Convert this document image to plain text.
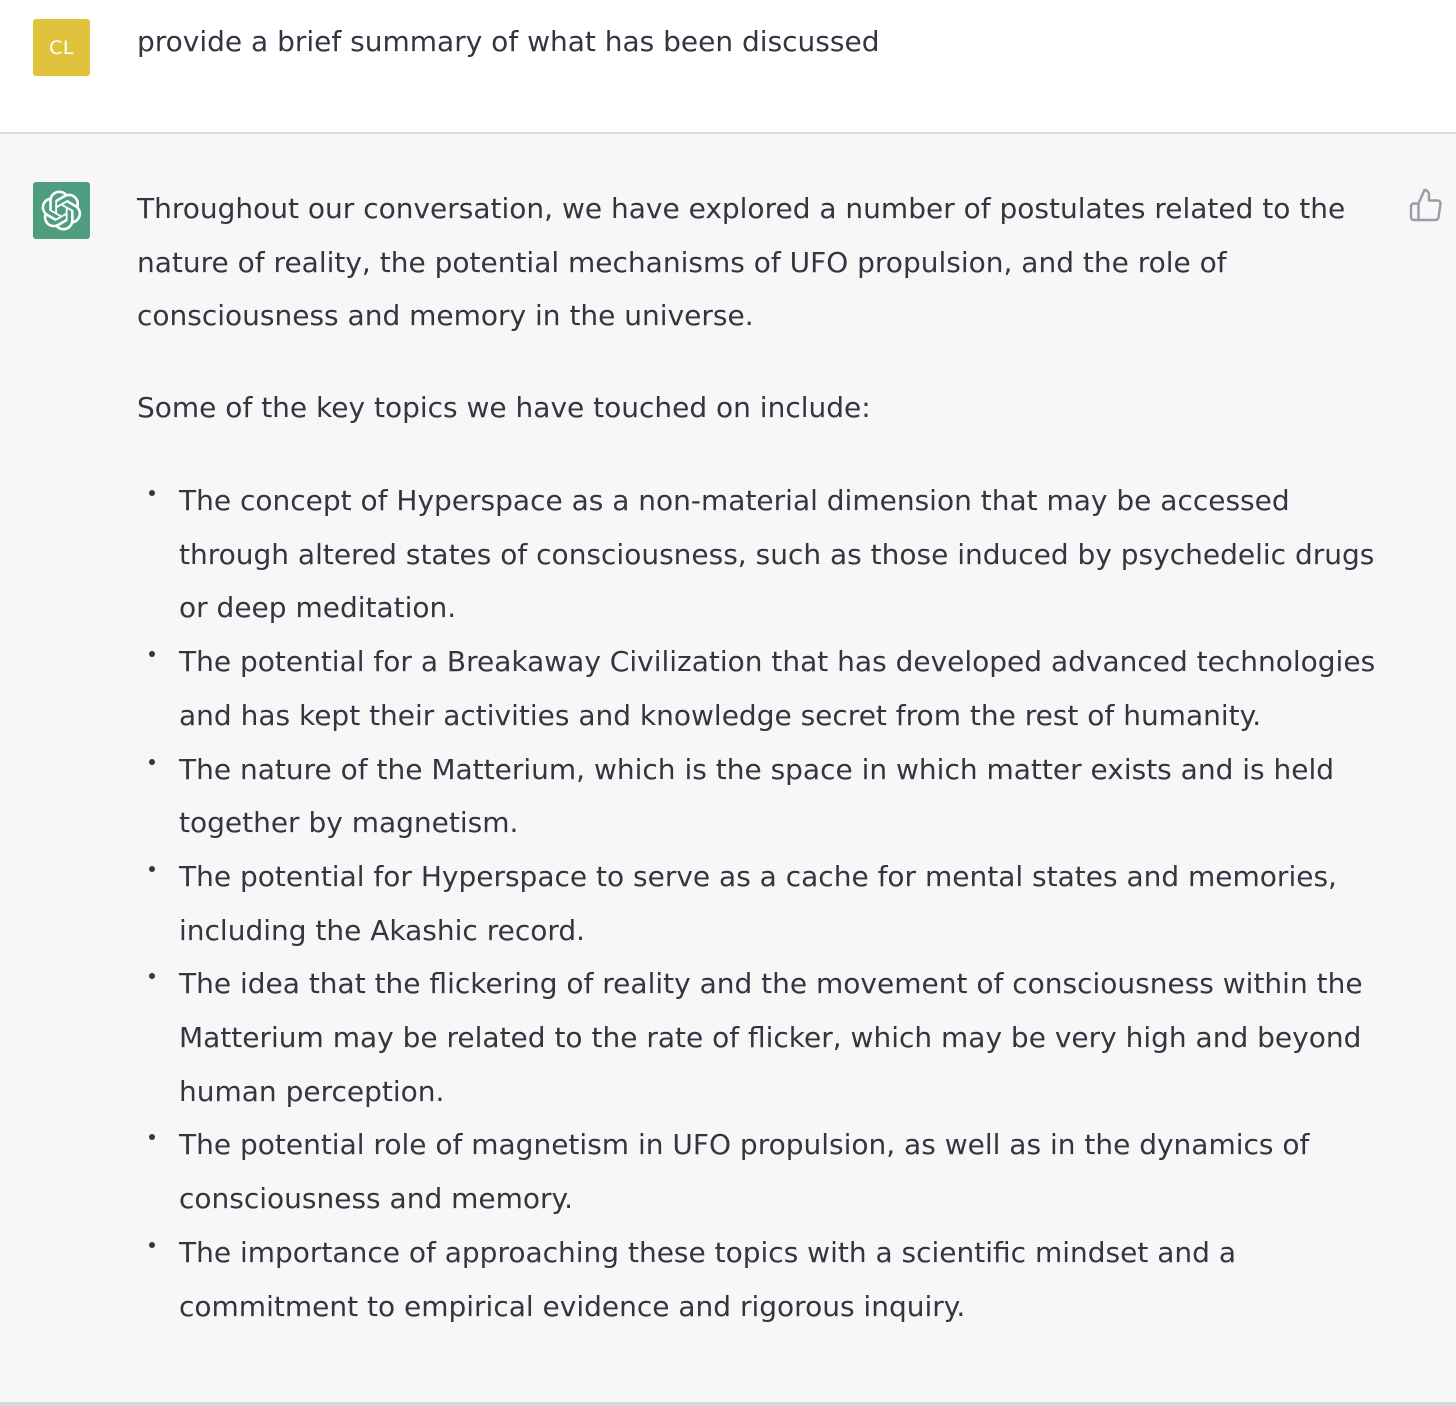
CL provide a brief summary of what has been discussed

Throughout our conversation, we have explored a number of postulates related to the nature of reality, the potential mechanisms of UFO propulsion, and the role of consciousness and memory in the universe.

Some of the key topics we have touched on include:

The concept of Hyperspace as a non-material dimension that may be accessed through altered states of consciousness, such as those induced by psychedelic drugs or deep meditation.
The potential for a Breakaway Civilization that has developed advanced technologies and has kept their activities and knowledge secret from the rest of humanity.
The nature of the Matterium, which is the space in which matter exists and is held together by magnetism.
The potential for Hyperspace to serve as a cache for mental states and memories, including the Akashic record.
The idea that the flickering of reality and the movement of consciousness within the Matterium may be related to the rate of flicker, which may be very high and beyond human perception.
The potential role of magnetism in UFO propulsion, as well as in the dynamics of consciousness and memory.
The importance of approaching these topics with a scientific mindset and a commitment to empirical evidence and rigorous inquiry.
